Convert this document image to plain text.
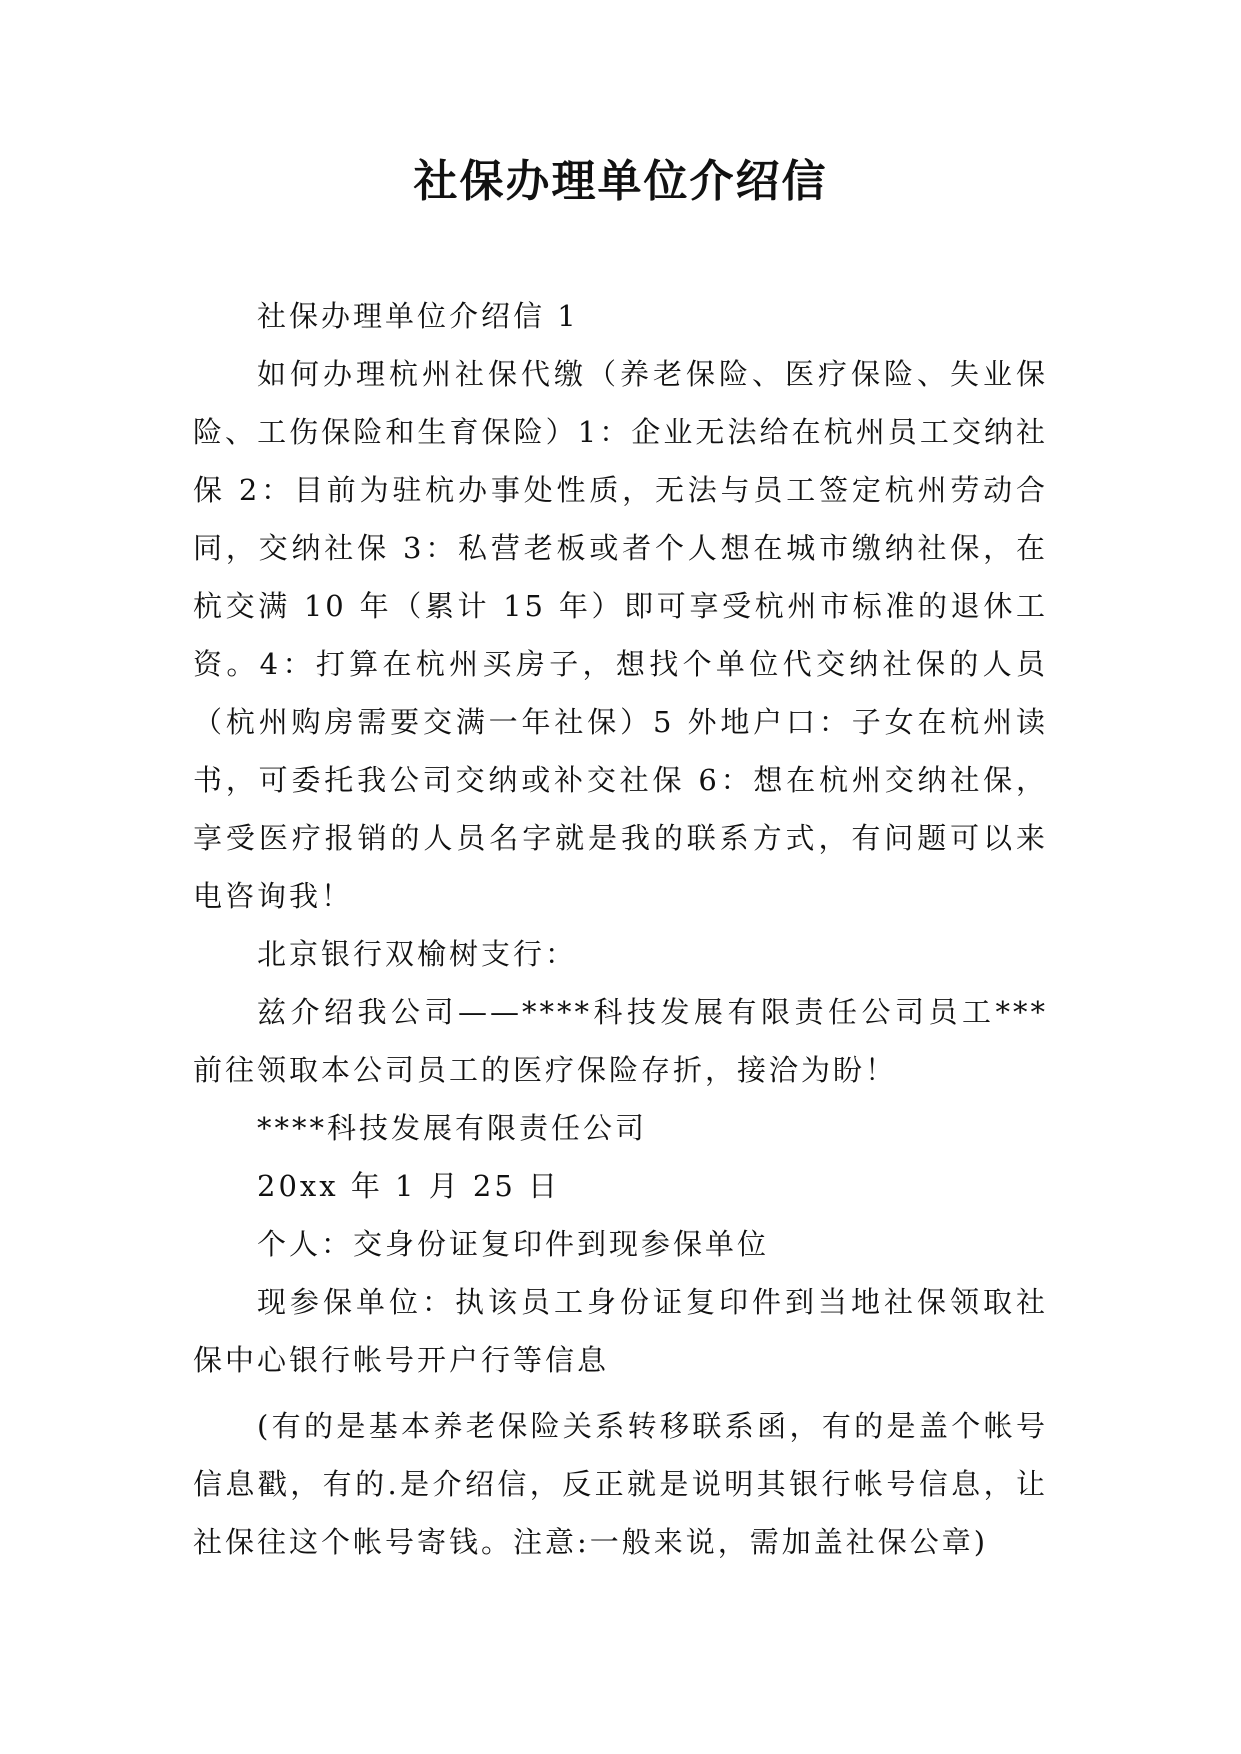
社保办理单位介绍信

社保办理单位介绍信 1

如何办理杭州社保代缴（养老保险、医疗保险、失业保险、工伤保险和生育保险）1：企业无法给在杭州员工交纳社保 2：目前为驻杭办事处性质，无法与员工签定杭州劳动合同，交纳社保 3：私营老板或者个人想在城市缴纳社保，在杭交满 10 年（累计 15 年）即可享受杭州市标准的退休工资。4：打算在杭州买房子，想找个单位代交纳社保的人员（杭州购房需要交满一年社保）5 外地户口：子女在杭州读书，可委托我公司交纳或补交社保 6：想在杭州交纳社保，享受医疗报销的人员名字就是我的联系方式，有问题可以来电咨询我！

北京银行双榆树支行：

兹介绍我公司——****科技发展有限责任公司员工***前往领取本公司员工的医疗保险存折，接洽为盼！

****科技发展有限责任公司

20xx 年 1 月 25 日

个人：交身份证复印件到现参保单位

现参保单位：执该员工身份证复印件到当地社保领取社保中心银行帐号开户行等信息

(有的是基本养老保险关系转移联系函，有的是盖个帐号信息戳，有的.是介绍信，反正就是说明其银行帐号信息，让社保往这个帐号寄钱。注意:一般来说，需加盖社保公章)
